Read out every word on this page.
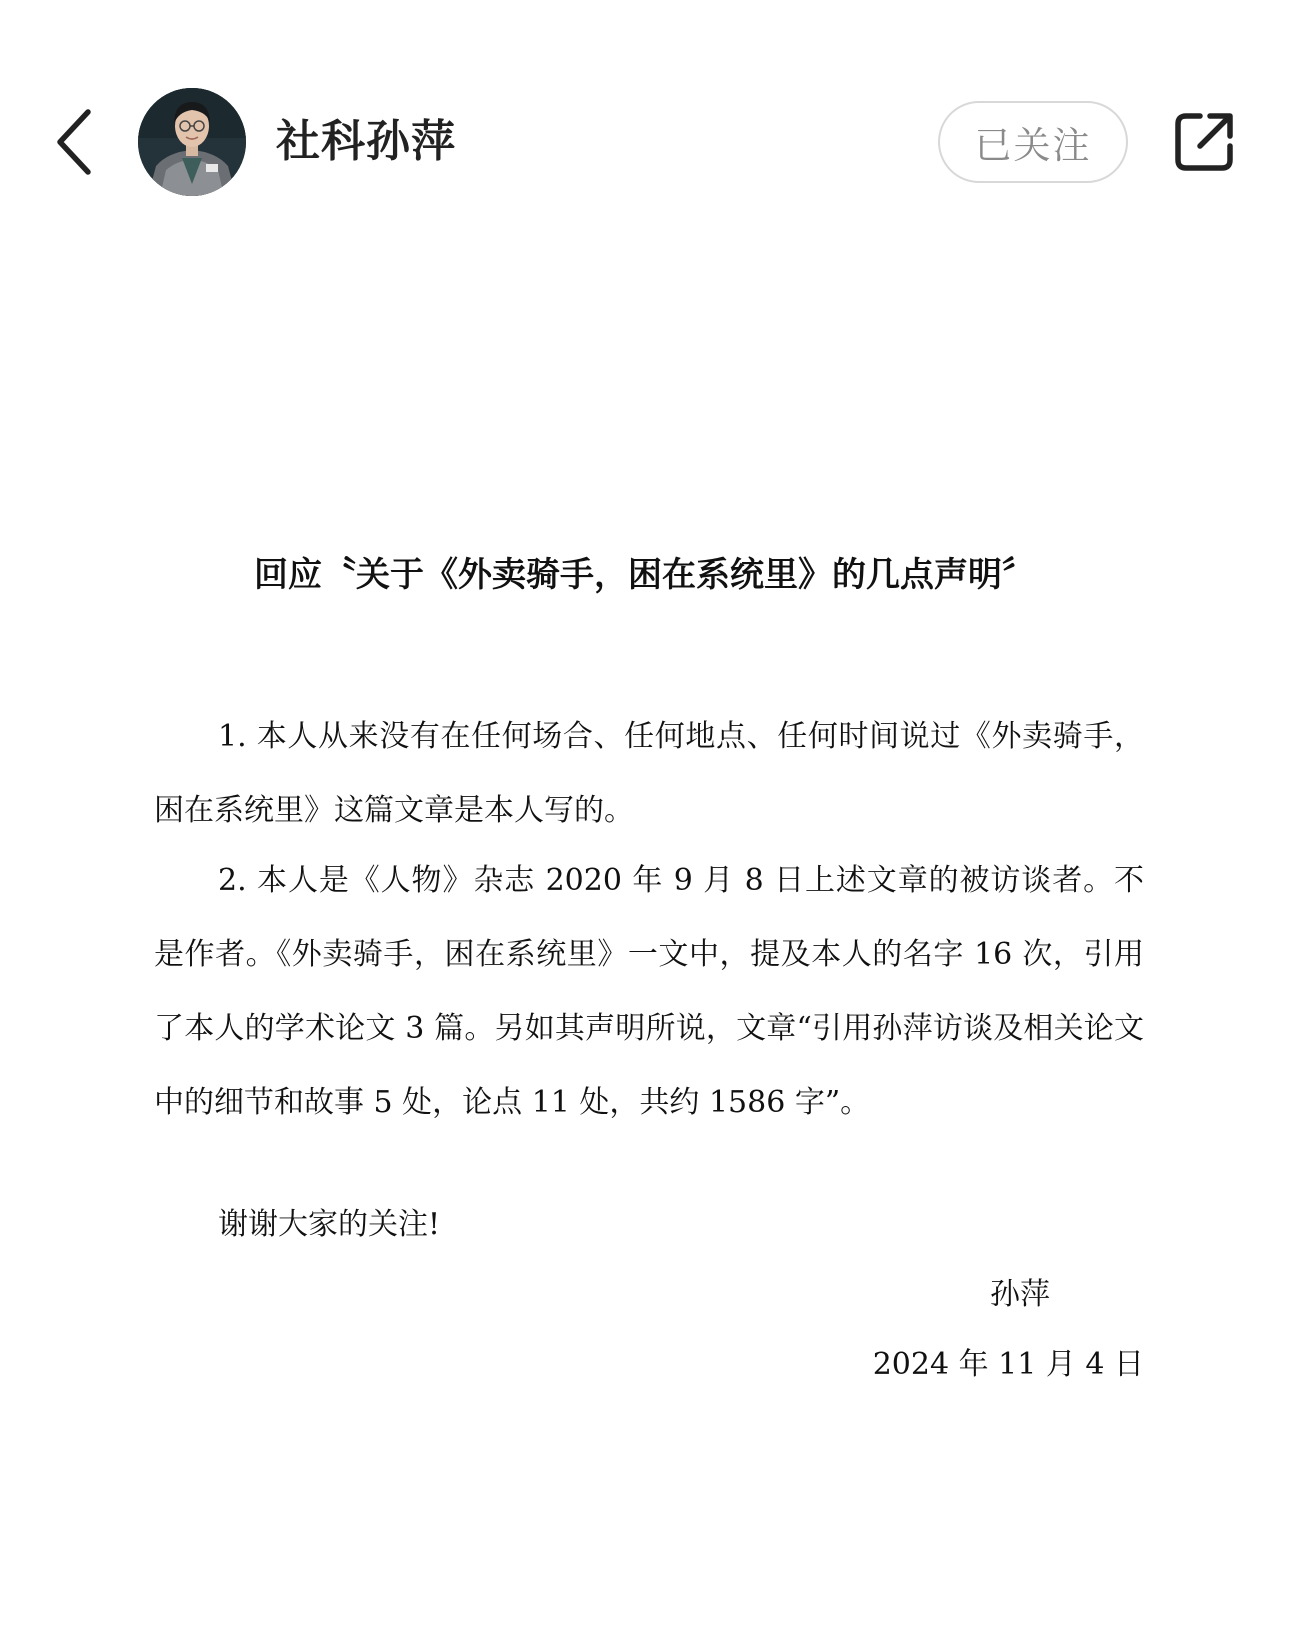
社科孙萍	已关注
回应〝关于《外卖骑手，困在系统里》的几点声明〞
1. 本人从来没有在任何场合、任何地点、任何时间说过《外卖骑手，困在系统里》这篇文章是本人写的。
2. 本人是《人物》杂志 2020 年 9 月 8 日上述文章的被访谈者。不是作者。《外卖骑手，困在系统里》一文中，提及本人的名字 16 次，引用了本人的学术论文 3 篇。另如其声明所说，文章“引用孙萍访谈及相关论文中的细节和故事 5 处，论点 11 处，共约 1586 字”。
谢谢大家的关注!
孙萍
2024 年 11 月 4 日
